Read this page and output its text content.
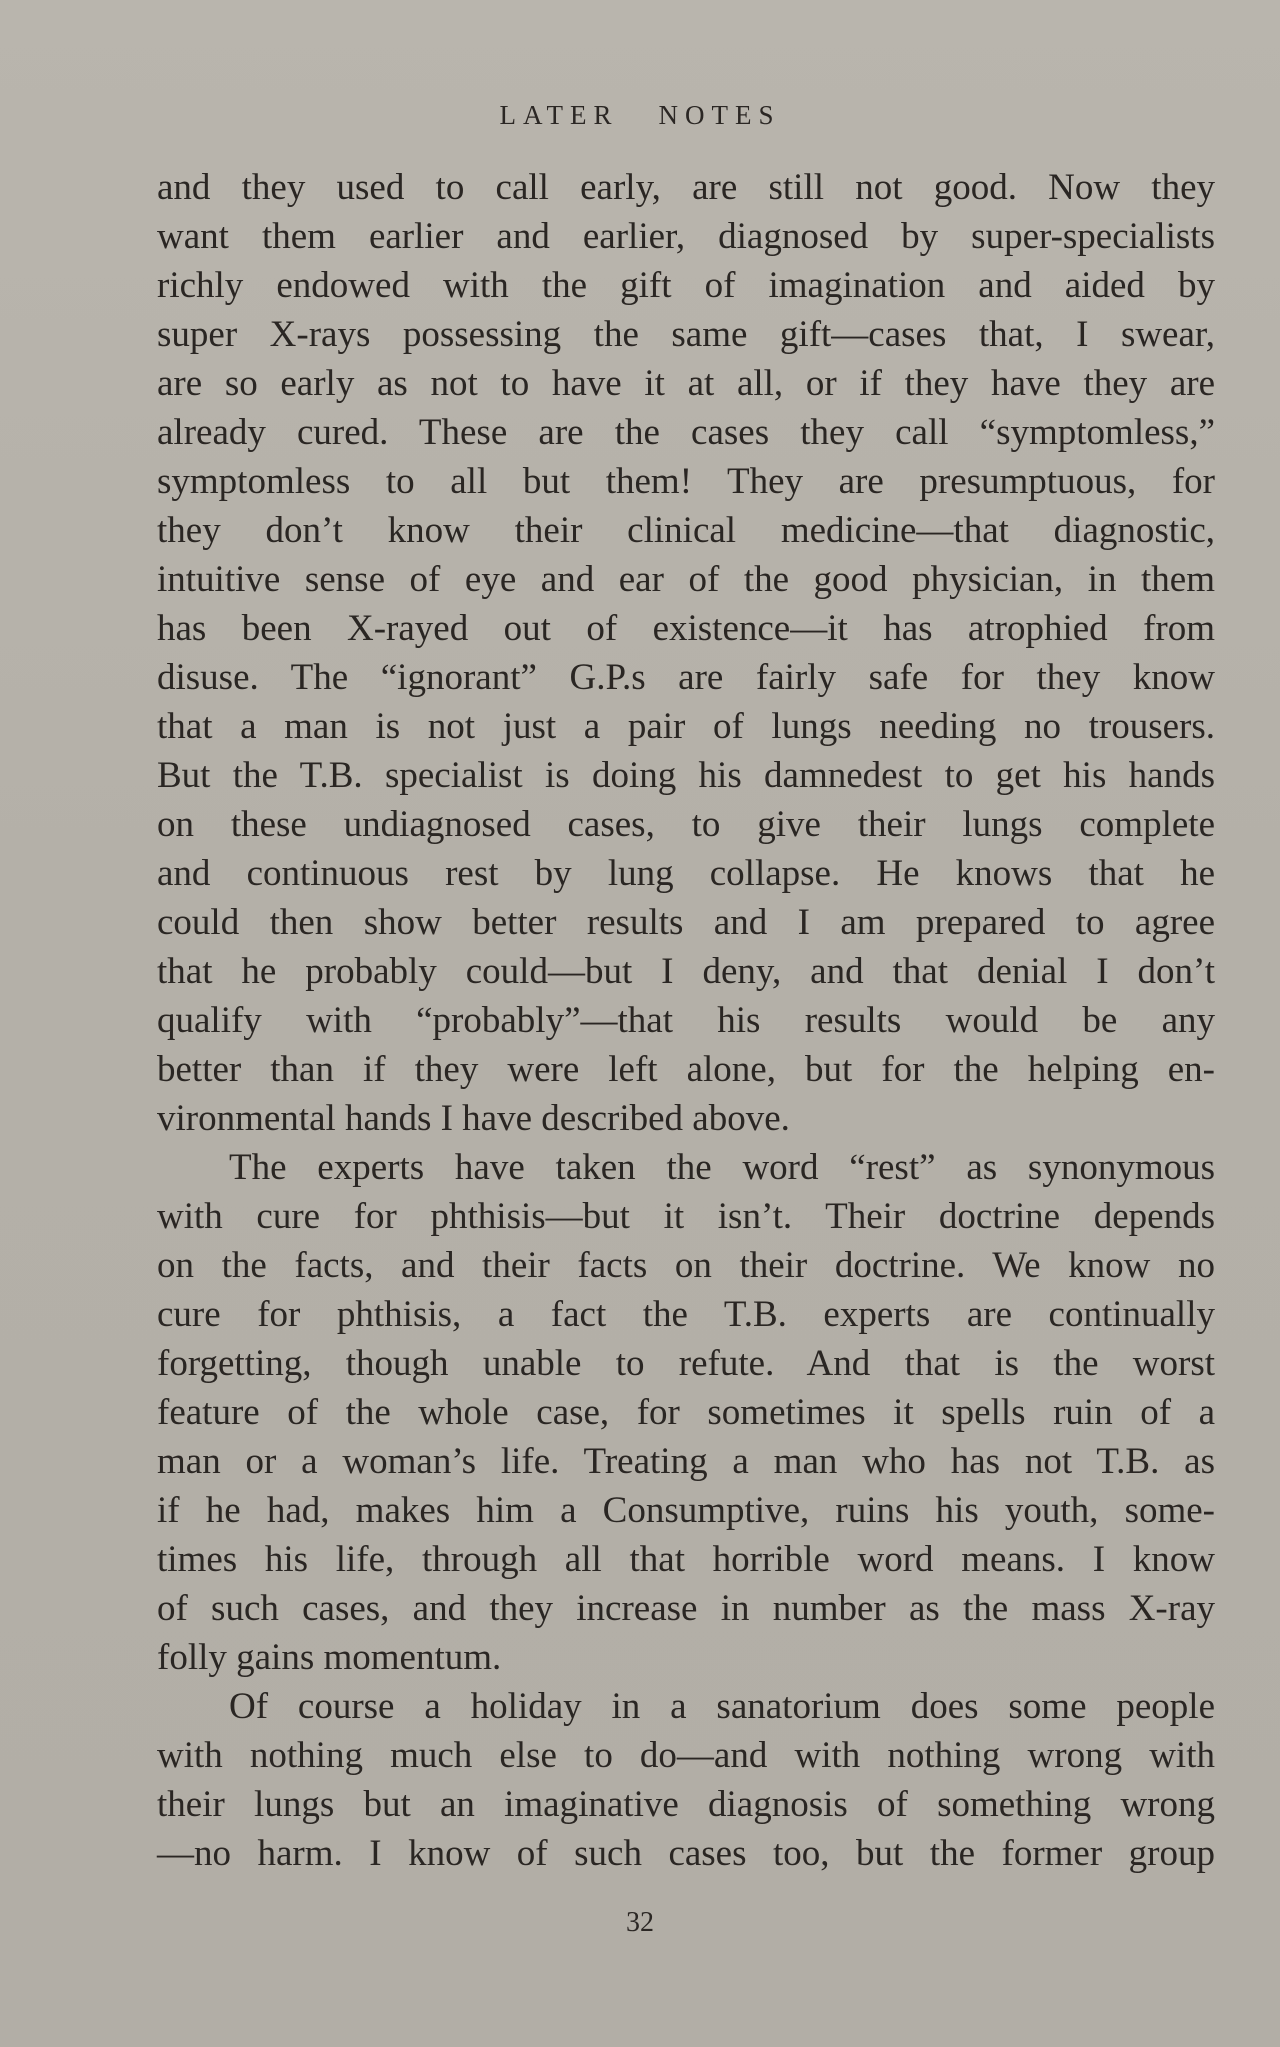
LATER NOTES
and they used to call early, are still not good. Now they
want them earlier and earlier, diagnosed by super-specialists
richly endowed with the gift of imagination and aided by
super X-rays possessing the same gift—cases that, I swear,
are so early as not to have it at all, or if they have they are
already cured. These are the cases they call “symptomless,”
symptomless to all but them! They are presumptuous, for
they don’t know their clinical medicine—that diagnostic,
intuitive sense of eye and ear of the good physician, in them
has been X-rayed out of existence—it has atrophied from
disuse. The “ignorant” G.P.s are fairly safe for they know
that a man is not just a pair of lungs needing no trousers.
But the T.B. specialist is doing his damnedest to get his hands
on these undiagnosed cases, to give their lungs complete
and continuous rest by lung collapse. He knows that he
could then show better results and I am prepared to agree
that he probably could—but I deny, and that denial I don’t
qualify with “probably”—that his results would be any
better than if they were left alone, but for the helping en-
vironmental hands I have described above.
The experts have taken the word “rest” as synonymous
with cure for phthisis—but it isn’t. Their doctrine depends
on the facts, and their facts on their doctrine. We know no
cure for phthisis, a fact the T.B. experts are continually
forgetting, though unable to refute. And that is the worst
feature of the whole case, for sometimes it spells ruin of a
man or a woman’s life. Treating a man who has not T.B. as
if he had, makes him a Consumptive, ruins his youth, some-
times his life, through all that horrible word means. I know
of such cases, and they increase in number as the mass X-ray
folly gains momentum.
Of course a holiday in a sanatorium does some people
with nothing much else to do—and with nothing wrong with
their lungs but an imaginative diagnosis of something wrong
—no harm. I know of such cases too, but the former group
32
